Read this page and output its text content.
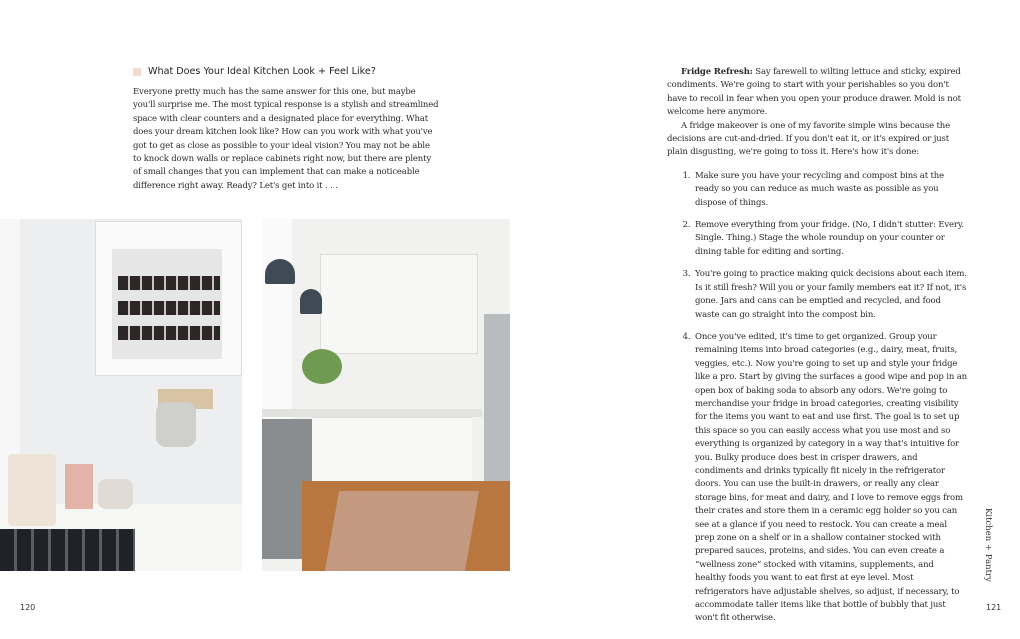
What Does Your Ideal Kitchen Look + Feel Like?

Everyone pretty much has the same answer for this one, but maybe you'll surprise me. The most typical response is a stylish and streamlined space with clear counters and a designated place for everything. What does your dream kitchen look like? How can you work with what you've got to get as close as possible to your ideal vision? You may not be able to knock down walls or replace cabinets right now, but there are plenty of small changes that you can implement that can make a noticeable difference right away. Ready? Let's get into it . . .

120

Fridge Refresh: Say farewell to wilting lettuce and sticky, expired condiments. We're going to start with your perishables so you don't have to recoil in fear when you open your produce drawer. Mold is not welcome here anymore.

A fridge makeover is one of my favorite simple wins because the decisions are cut-and-dried. If you don't eat it, or it's expired or just plain disgusting, we're going to toss it. Here's how it's done:

1. Make sure you have your recycling and compost bins at the ready so you can reduce as much waste as possible as you dispose of things.
2. Remove everything from your fridge. (No, I didn't stutter: Every. Single. Thing.) Stage the whole roundup on your counter or dining table for editing and sorting.
3. You're going to practice making quick decisions about each item. Is it still fresh? Will you or your family members eat it? If not, it's gone. Jars and cans can be emptied and recycled, and food waste can go straight into the compost bin.
4. Once you've edited, it's time to get organized. Group your remaining items into broad categories (e.g., dairy, meat, fruits, veggies, etc.). Now you're going to set up and style your fridge like a pro. Start by giving the surfaces a good wipe and pop in an open box of baking soda to absorb any odors. We're going to merchandise your fridge in broad categories, creating visibility for the items you want to eat and use first. The goal is to set up this space so you can easily access what you use most and so everything is organized by category in a way that's intuitive for you. Bulky produce does best in crisper drawers, and condiments and drinks typically fit nicely in the refrigerator doors. You can use the built-in drawers, or really any clear storage bins, for meat and dairy, and I love to remove eggs from their crates and store them in a ceramic egg holder so you can see at a glance if you need to restock. You can create a meal prep zone on a shelf or in a shallow container stocked with prepared sauces, proteins, and sides. You can even create a “wellness zone” stocked with vitamins, supplements, and healthy foods you want to eat first at eye level. Most refrigerators have adjustable shelves, so adjust, if necessary, to accommodate taller items like that bottle of bubbly that just won't fit otherwise.
Kitchen + Pantry
121
